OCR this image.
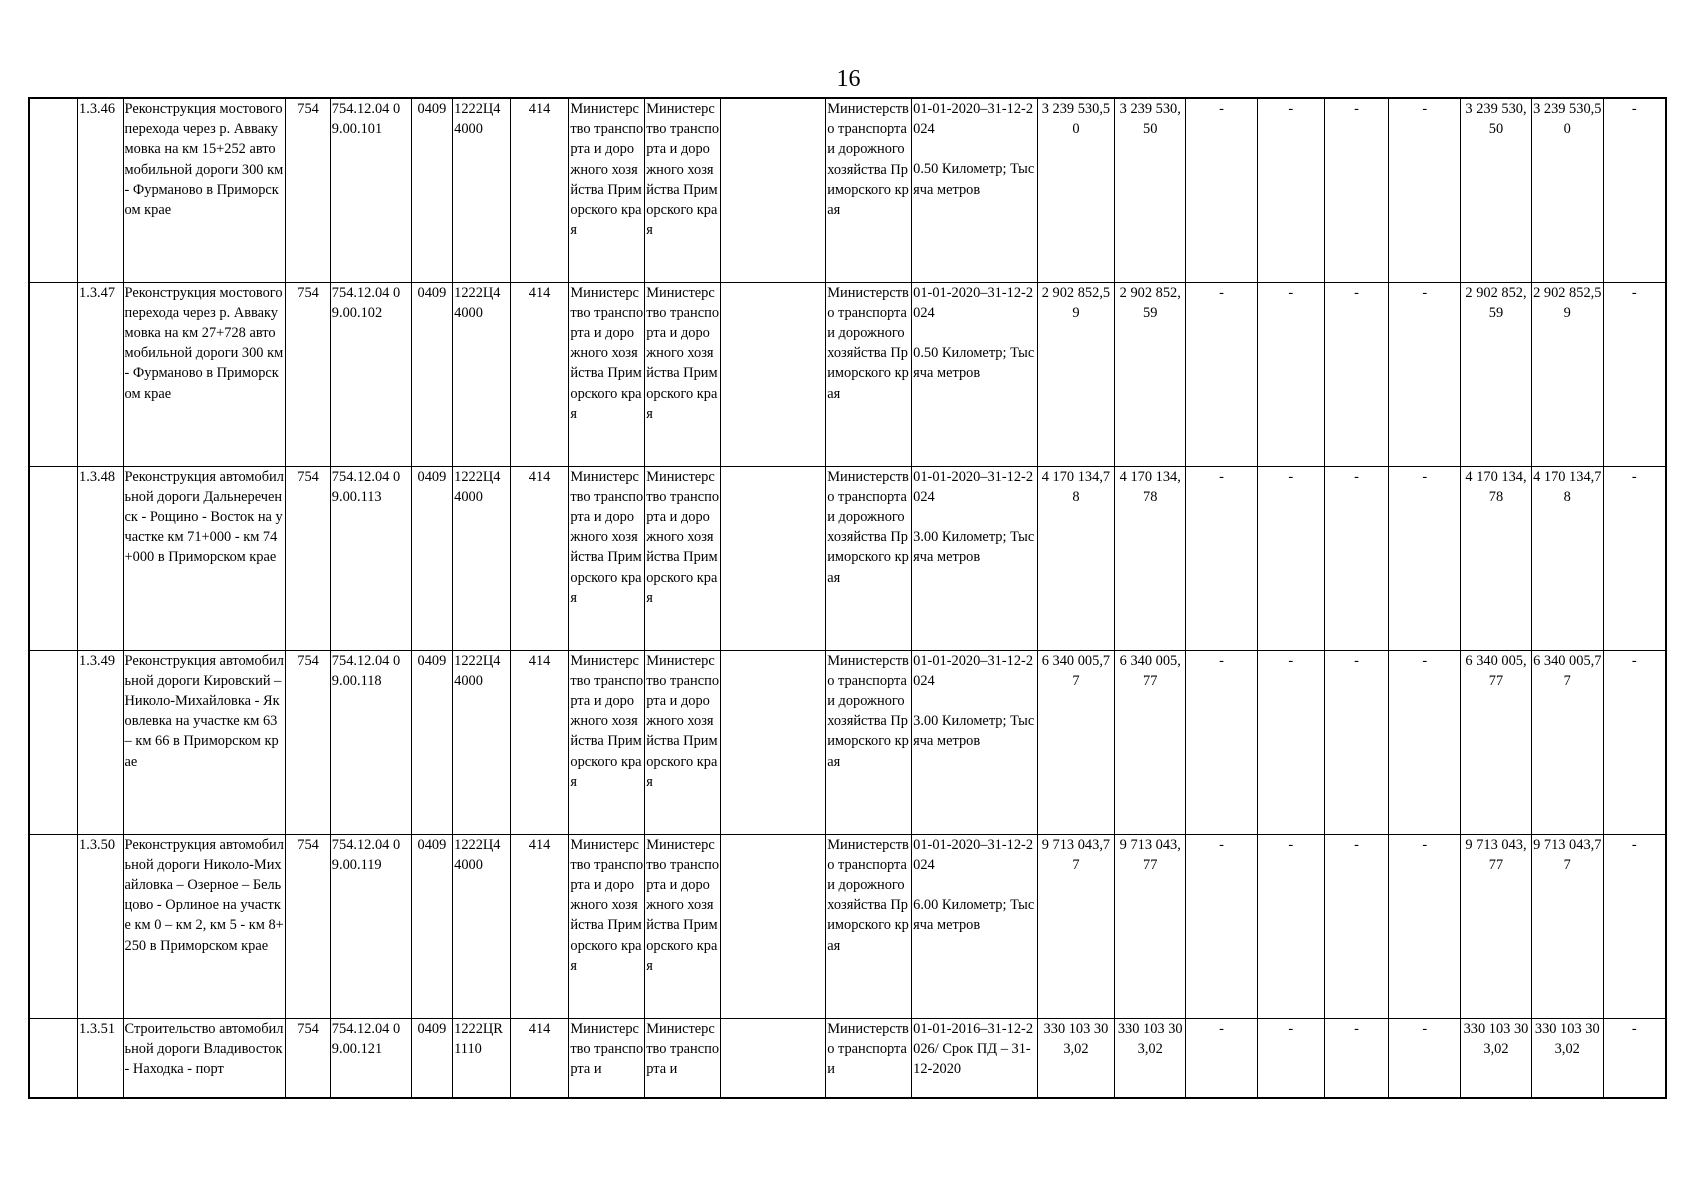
16
	1.3.46	Реконструкция мостового перехода через р. Аввакумовка на км 15+252 автомобильной дороги 300 км - Фурманово в Приморском крае	754	754.12.04 09.00.101	0409	1222Ц4 4000	414	Министерство транспорта и дорожного хозяйства Приморского края	Министерство транспорта и дорожного хозяйства Приморского края		Министерство транспорта и дорожного хозяйства Приморского края	01-01-2020–31-12-2024
0.50 Километр; Тысяча метров	3 239 530,50	3 239 530,50	-	-	-	-	3 239 530,50	3 239 530,50	-
	1.3.47	Реконструкция мостового перехода через р. Аввакумовка на км 27+728 автомобильной дороги 300 км - Фурманово в Приморском крае	754	754.12.04 09.00.102	0409	1222Ц4 4000	414	Министерство транспорта и дорожного хозяйства Приморского края	Министерство транспорта и дорожного хозяйства Приморского края		Министерство транспорта и дорожного хозяйства Приморского края	01-01-2020–31-12-2024
0.50 Километр; Тысяча метров	2 902 852,59	2 902 852,59	-	-	-	-	2 902 852,59	2 902 852,59	-
	1.3.48	Реконструкция автомобильной дороги Дальнереченск - Рощино - Восток на участке км 71+000 - км 74+000 в Приморском крае	754	754.12.04 09.00.113	0409	1222Ц4 4000	414	Министерство транспорта и дорожного хозяйства Приморского края	Министерство транспорта и дорожного хозяйства Приморского края		Министерство транспорта и дорожного хозяйства Приморского края	01-01-2020–31-12-2024
3.00 Километр; Тысяча метров	4 170 134,78	4 170 134,78	-	-	-	-	4 170 134,78	4 170 134,78	-
	1.3.49	Реконструкция автомобильной дороги Кировский – Николо-Михайловка - Яковлевка на участке км 63 – км 66 в Приморском крае	754	754.12.04 09.00.118	0409	1222Ц4 4000	414	Министерство транспорта и дорожного хозяйства Приморского края	Министерство транспорта и дорожного хозяйства Приморского края		Министерство транспорта и дорожного хозяйства Приморского края	01-01-2020–31-12-2024
3.00 Километр; Тысяча метров	6 340 005,77	6 340 005,77	-	-	-	-	6 340 005,77	6 340 005,77	-
	1.3.50	Реконструкция автомобильной дороги Николо-Михайловка – Озерное – Бельцово - Орлиное на участке км 0 – км 2, км 5 - км 8+250 в Приморском крае	754	754.12.04 09.00.119	0409	1222Ц4 4000	414	Министерство транспорта и дорожного хозяйства Приморского края	Министерство транспорта и дорожного хозяйства Приморского края		Министерство транспорта и дорожного хозяйства Приморского края	01-01-2020–31-12-2024
6.00 Километр; Тысяча метров	9 713 043,77	9 713 043,77	-	-	-	-	9 713 043,77	9 713 043,77	-
	1.3.51	Строительство автомобильной дороги Владивосток - Находка - порт	754	754.12.04 09.00.121	0409	1222ЦR 1110	414	Министерство транспорта и	Министерство транспорта и		Министерство транспорта и	01-01-2016–31-12-2026/ Срок ПД – 31-12-2020	330 103 303,02	330 103 303,02	-	-	-	-	330 103 303,02	330 103 303,02	-
